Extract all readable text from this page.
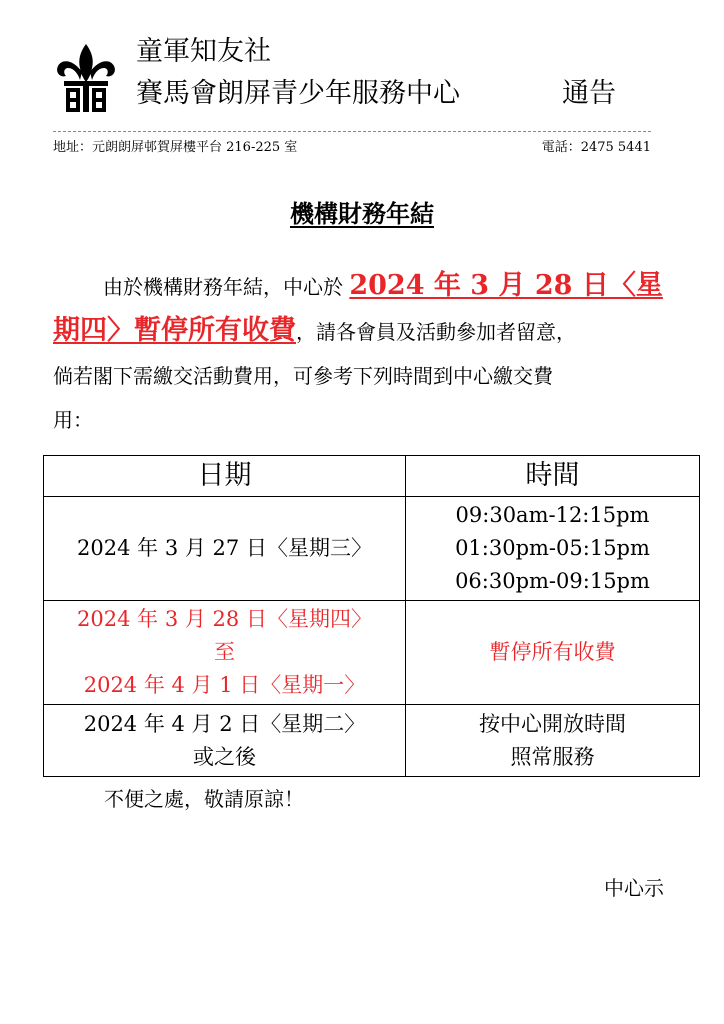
童軍知友社
賽馬會朗屏青少年服務中心	通告
地址：元朗朗屏邨賀屏樓平台 216-225 室	電話：2475 5441
機構財務年結
由於機構財務年結，中心於 2024 年 3 月 28 日〈星
期四〉暫停所有收費，請各會員及活動參加者留意，
倘若閣下需繳交活動費用，可參考下列時間到中心繳交費
用：
日期	時間
2024 年 3 月 27 日〈星期三〉	09:30am-12:15pm
01:30pm-05:15pm
06:30pm-09:15pm

2024 年 3 月 28 日〈星期四〉
至
2024 年 4 月 1 日〈星期一〉	暫停所有收費

2024 年 4 月 2 日〈星期二〉
或之後	按中心開放時間
照常服務
不便之處，敬請原諒！
中心示
